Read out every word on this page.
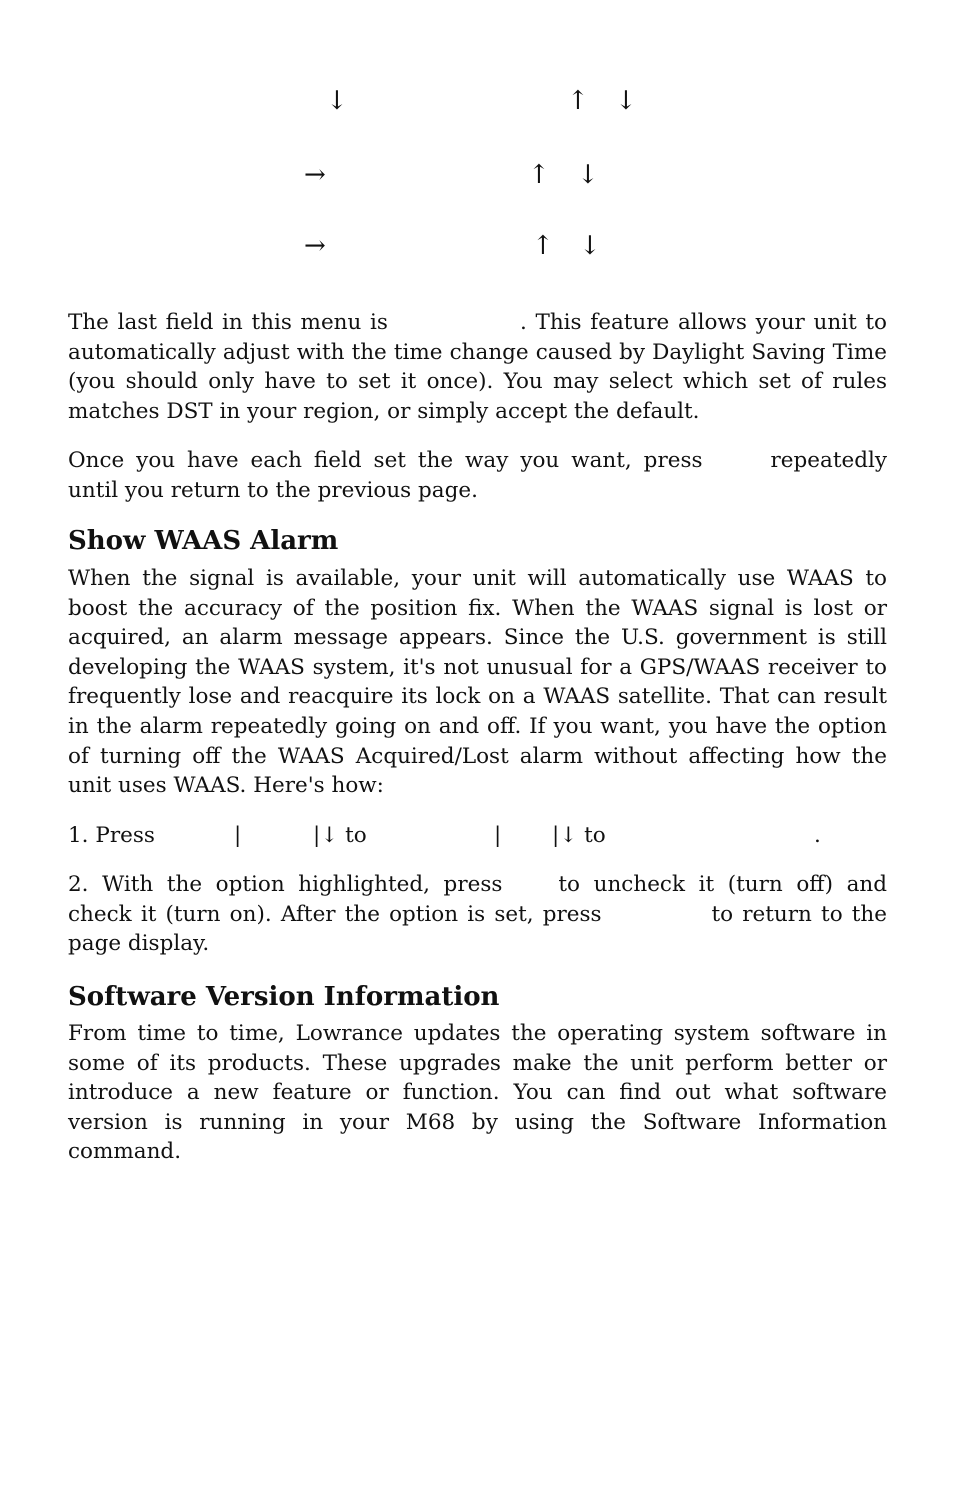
↓	↑ ↓
→	↑ ↓
→	↑ ↓

The last field in this menu is	. This feature allows your unit to automatically adjust with the time change caused by Daylight Saving Time (you should only have to set it once). You may select which set of rules matches DST in your region, or simply accept the default.

Once you have each field set the way you want, press	repeatedly until you return to the previous page.

Show WAAS Alarm

When the signal is available, your unit will automatically use WAAS to boost the accuracy of the position fix. When the WAAS signal is lost or acquired, an alarm message appears. Since the U.S. government is still developing the WAAS system, it's not unusual for a GPS/WAAS receiver to frequently lose and reacquire its lock on a WAAS satellite. That can result in the alarm repeatedly going on and off. If you want, you have the option of turning off the WAAS Acquired/Lost alarm without affecting how the unit uses WAAS. Here's how:

1. Press	|	|↓ to	| |↓ to	.

2. With the option highlighted, press	to uncheck it (turn off) and check it (turn on). After the option is set, press	to return to the page display.

Software Version Information

From time to time, Lowrance updates the operating system software in some of its products. These upgrades make the unit perform better or introduce a new feature or function. You can find out what software version is running in your M68 by using the Software Information command.
